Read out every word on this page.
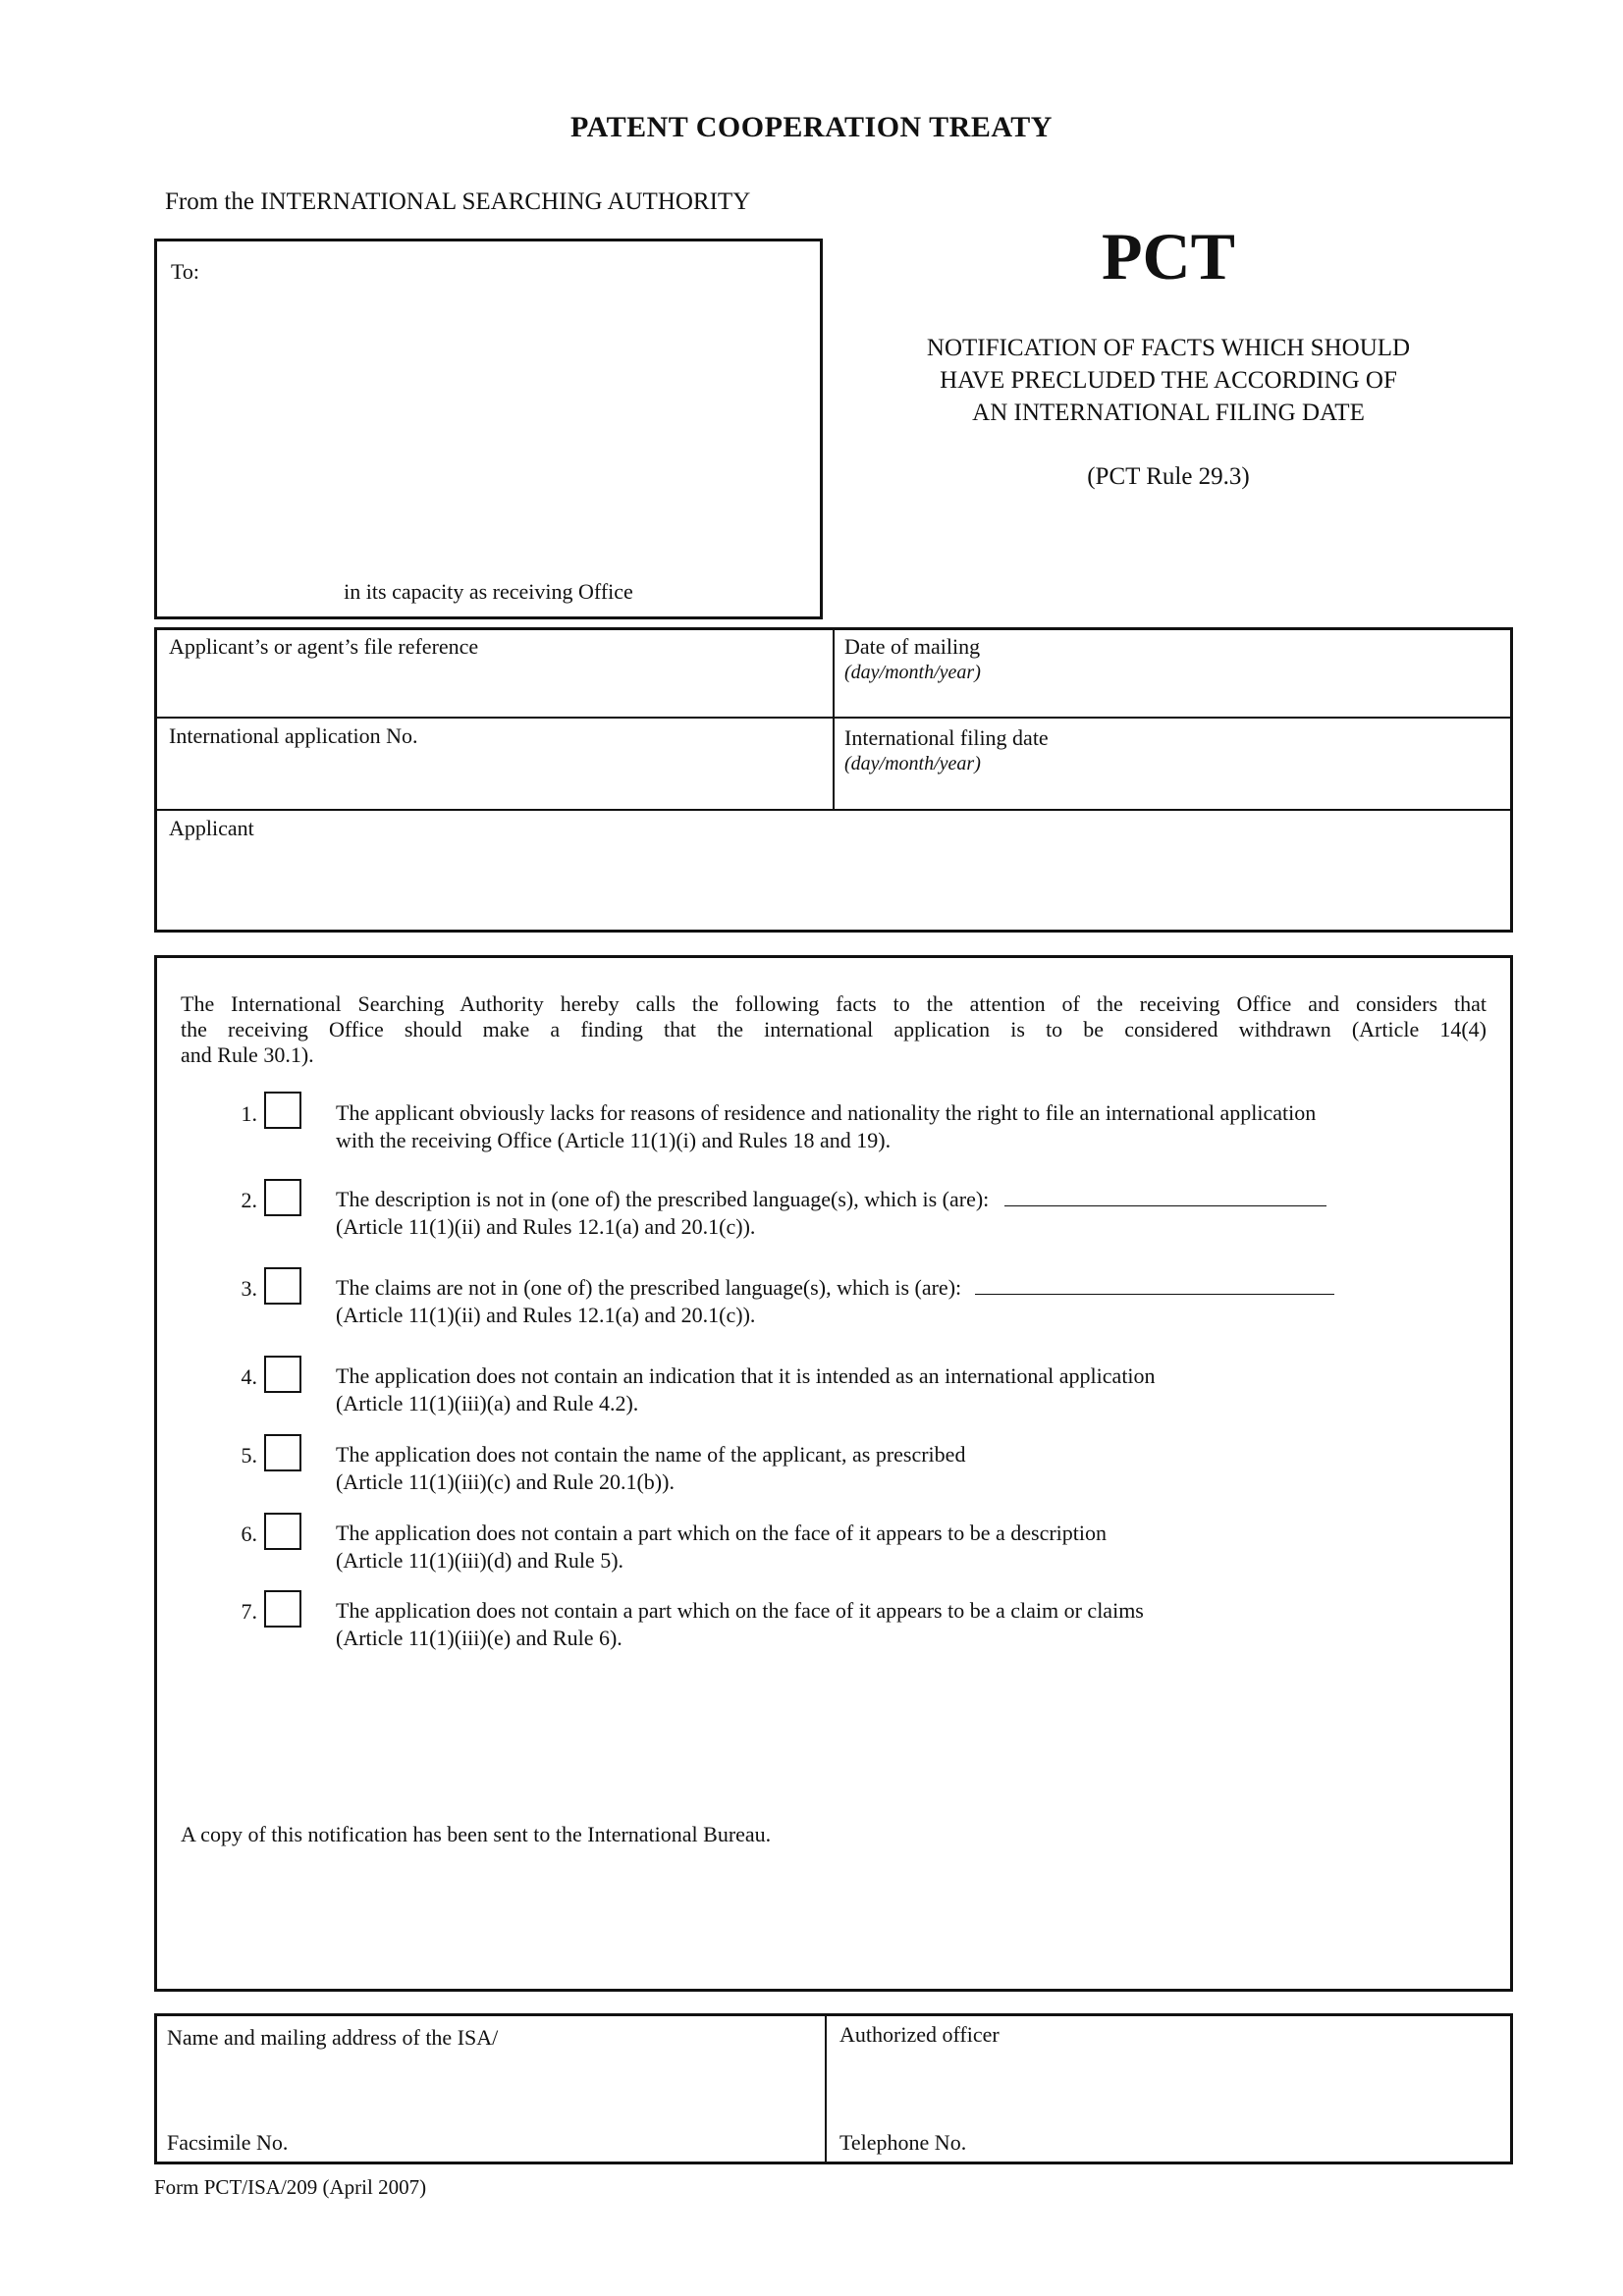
PATENT COOPERATION TREATY
From the INTERNATIONAL SEARCHING AUTHORITY
PCT
NOTIFICATION OF FACTS WHICH SHOULD
HAVE PRECLUDED THE ACCORDING OF
AN INTERNATIONAL FILING DATE
(PCT Rule 29.3)
To:
in its capacity as receiving Office
Applicant’s or agent’s file reference	Date of mailing
(day/month/year)
International application No.	International filing date
(day/month/year)
Applicant
The International Searching Authority hereby calls the following facts to the attention of the receiving Office and considers that
the receiving Office should make a finding that the international application is to be considered withdrawn (Article 14(4)
and Rule 30.1).
1.	The applicant obviously lacks for reasons of residence and nationality the right to file an international application
with the receiving Office (Article 11(1)(i) and Rules 18 and 19).
2.	The description is not in (one of) the prescribed language(s), which is (are):
(Article 11(1)(ii) and Rules 12.1(a) and 20.1(c)).
3.	The claims are not in (one of) the prescribed language(s), which is (are):
(Article 11(1)(ii) and Rules 12.1(a) and 20.1(c)).
4.	The application does not contain an indication that it is intended as an international application
(Article 11(1)(iii)(a) and Rule 4.2).
5.	The application does not contain the name of the applicant, as prescribed
(Article 11(1)(iii)(c) and Rule 20.1(b)).
6.	The application does not contain a part which on the face of it appears to be a description
(Article 11(1)(iii)(d) and Rule 5).
7.	The application does not contain a part which on the face of it appears to be a claim or claims
(Article 11(1)(iii)(e) and Rule 6).
A copy of this notification has been sent to the International Bureau.
Name and mailing address of the ISA/
Facsimile No.
Authorized officer
Telephone No.
Form PCT/ISA/209 (April 2007)
